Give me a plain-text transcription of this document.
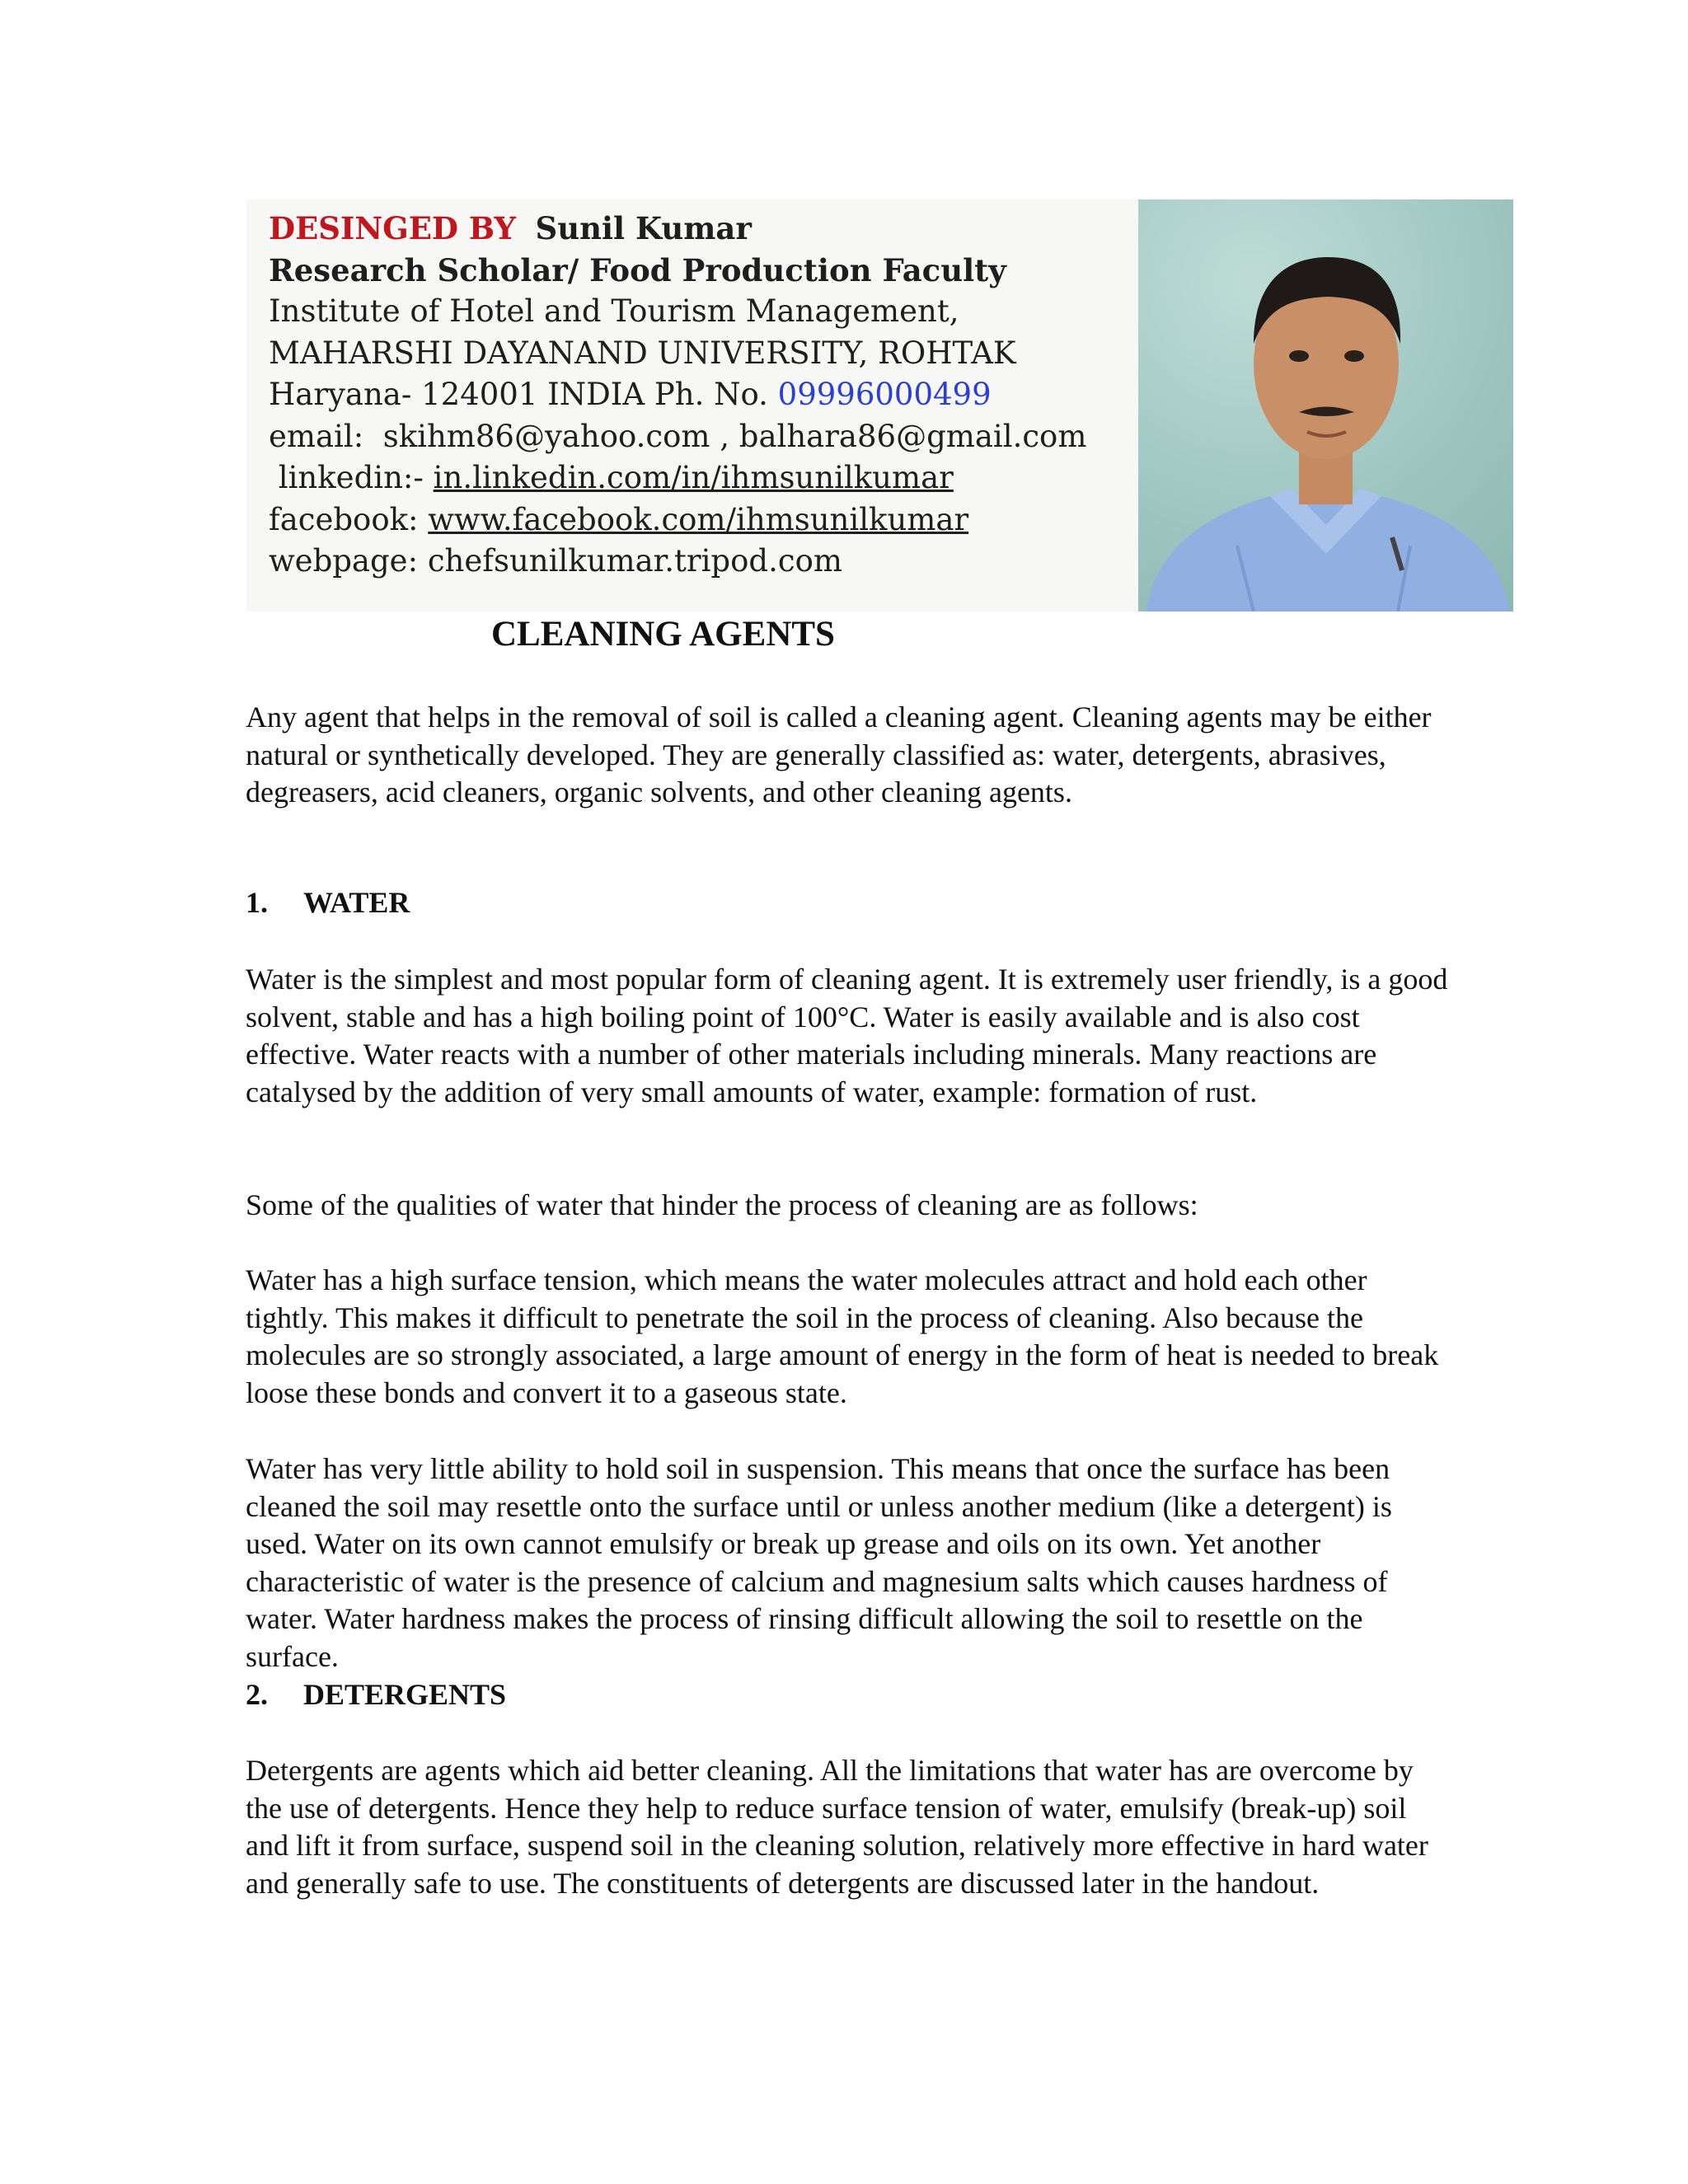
DESINGED BY Sunil Kumar
Research Scholar/ Food Production Faculty
Institute of Hotel and Tourism Management,
MAHARSHI DAYANAND UNIVERSITY, ROHTAK
Haryana- 124001 INDIA Ph. No. 09996000499
email: skihm86@yahoo.com , balhara86@gmail.com
linkedin:- in.linkedin.com/in/ihmsunilkumar
facebook: www.facebook.com/ihmsunilkumar
webpage: chefsunilkumar.tripod.com
CLEANING AGENTS

Any agent that helps in the removal of soil is called a cleaning agent. Cleaning agents may be either natural or synthetically developed. They are generally classified as: water, detergents, abrasives, degreasers, acid cleaners, organic solvents, and other cleaning agents.

1. WATER

Water is the simplest and most popular form of cleaning agent. It is extremely user friendly, is a good solvent, stable and has a high boiling point of 100°C. Water is easily available and is also cost effective. Water reacts with a number of other materials including minerals. Many reactions are catalysed by the addition of very small amounts of water, example: formation of rust.

Some of the qualities of water that hinder the process of cleaning are as follows:

Water has a high surface tension, which means the water molecules attract and hold each other tightly. This makes it difficult to penetrate the soil in the process of cleaning. Also because the molecules are so strongly associated, a large amount of energy in the form of heat is needed to break loose these bonds and convert it to a gaseous state.

Water has very little ability to hold soil in suspension. This means that once the surface has been cleaned the soil may resettle onto the surface until or unless another medium (like a detergent) is used. Water on its own cannot emulsify or break up grease and oils on its own. Yet another characteristic of water is the presence of calcium and magnesium salts which causes hardness of water. Water hardness makes the process of rinsing difficult allowing the soil to resettle on the surface.

2. DETERGENTS

Detergents are agents which aid better cleaning. All the limitations that water has are overcome by the use of detergents. Hence they help to reduce surface tension of water, emulsify (break-up) soil and lift it from surface, suspend soil in the cleaning solution, relatively more effective in hard water and generally safe to use. The constituents of detergents are discussed later in the handout.
